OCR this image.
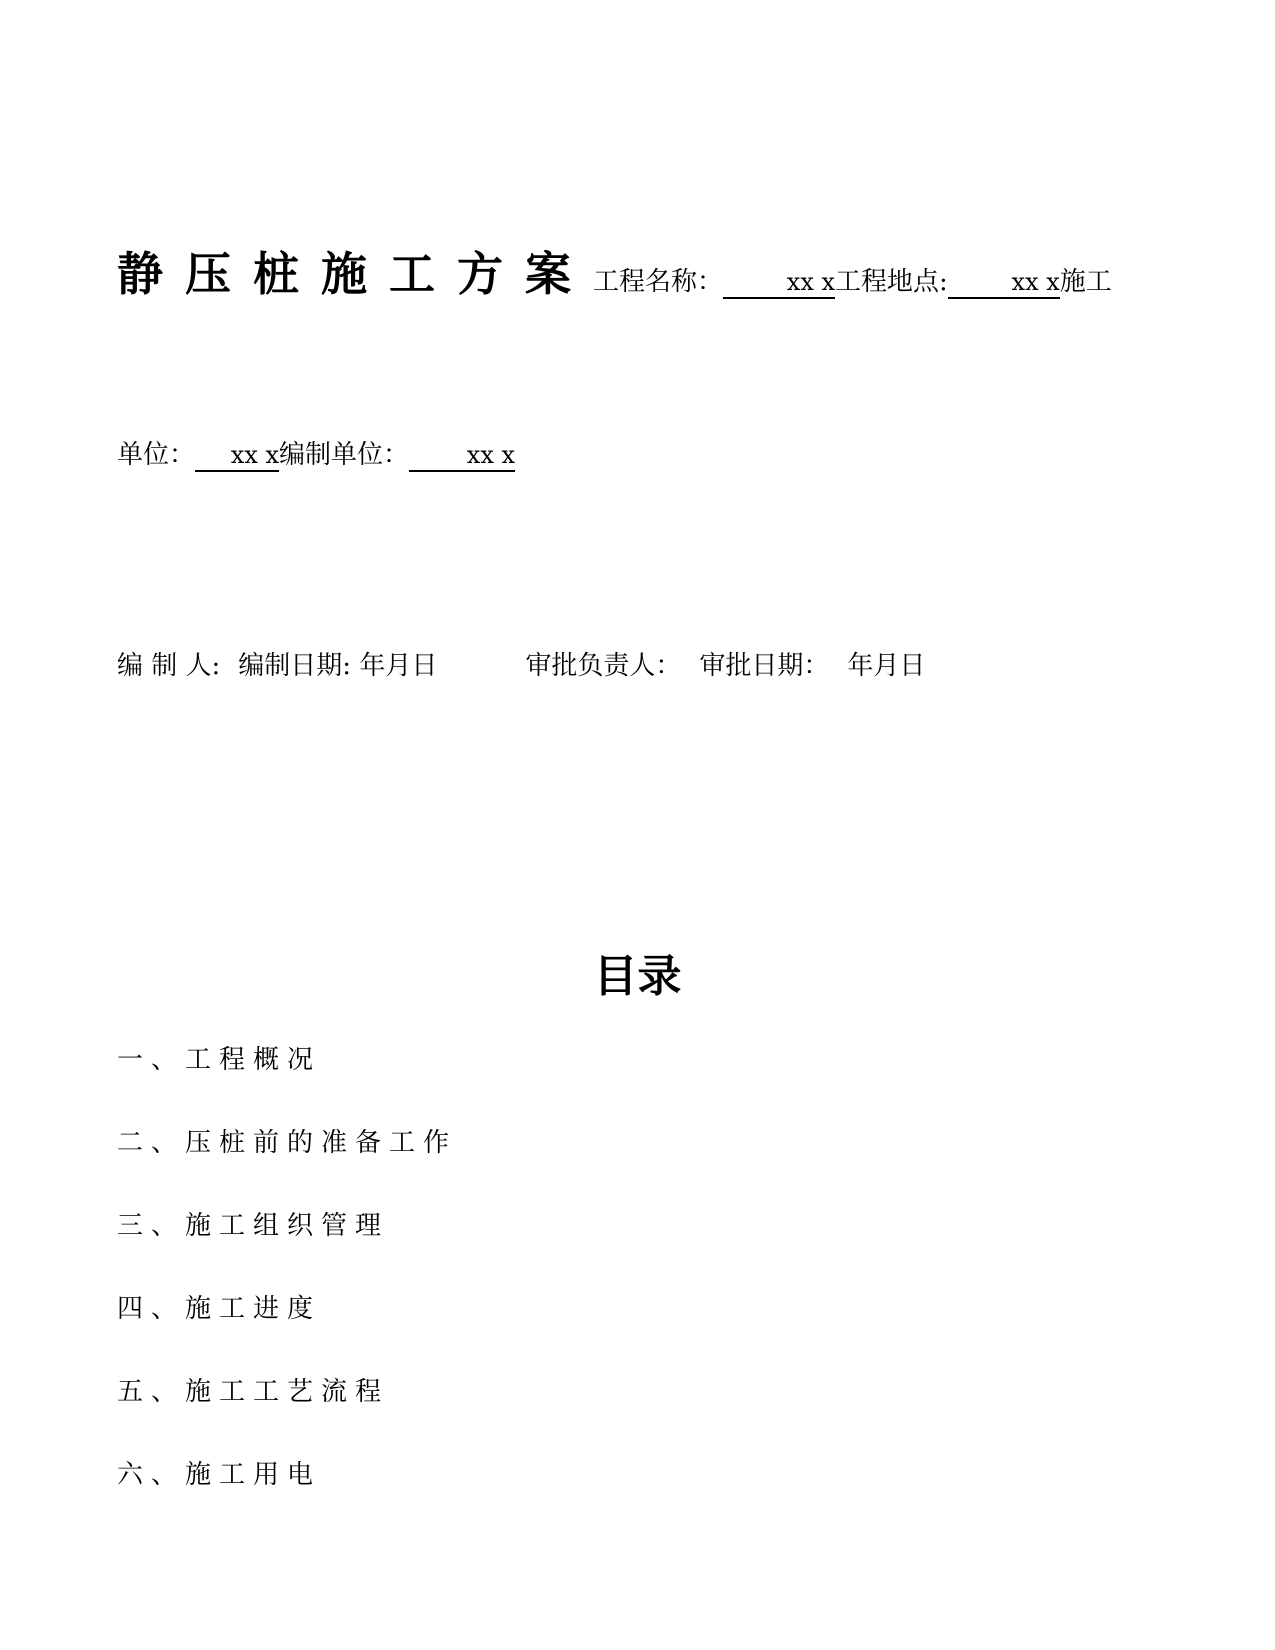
静压桩施工方案工程名称：	xx x工程地点:	xx x施工
单位： xx x编制单位： xx x
编 制 人: 编制日期: 年月日	审批负责人： 审批日期： 年月日
目录
一、工程概况
二、压桩前的准备工作
三、施工组织管理
四、施工进度
五、施工工艺流程
六、施工用电
